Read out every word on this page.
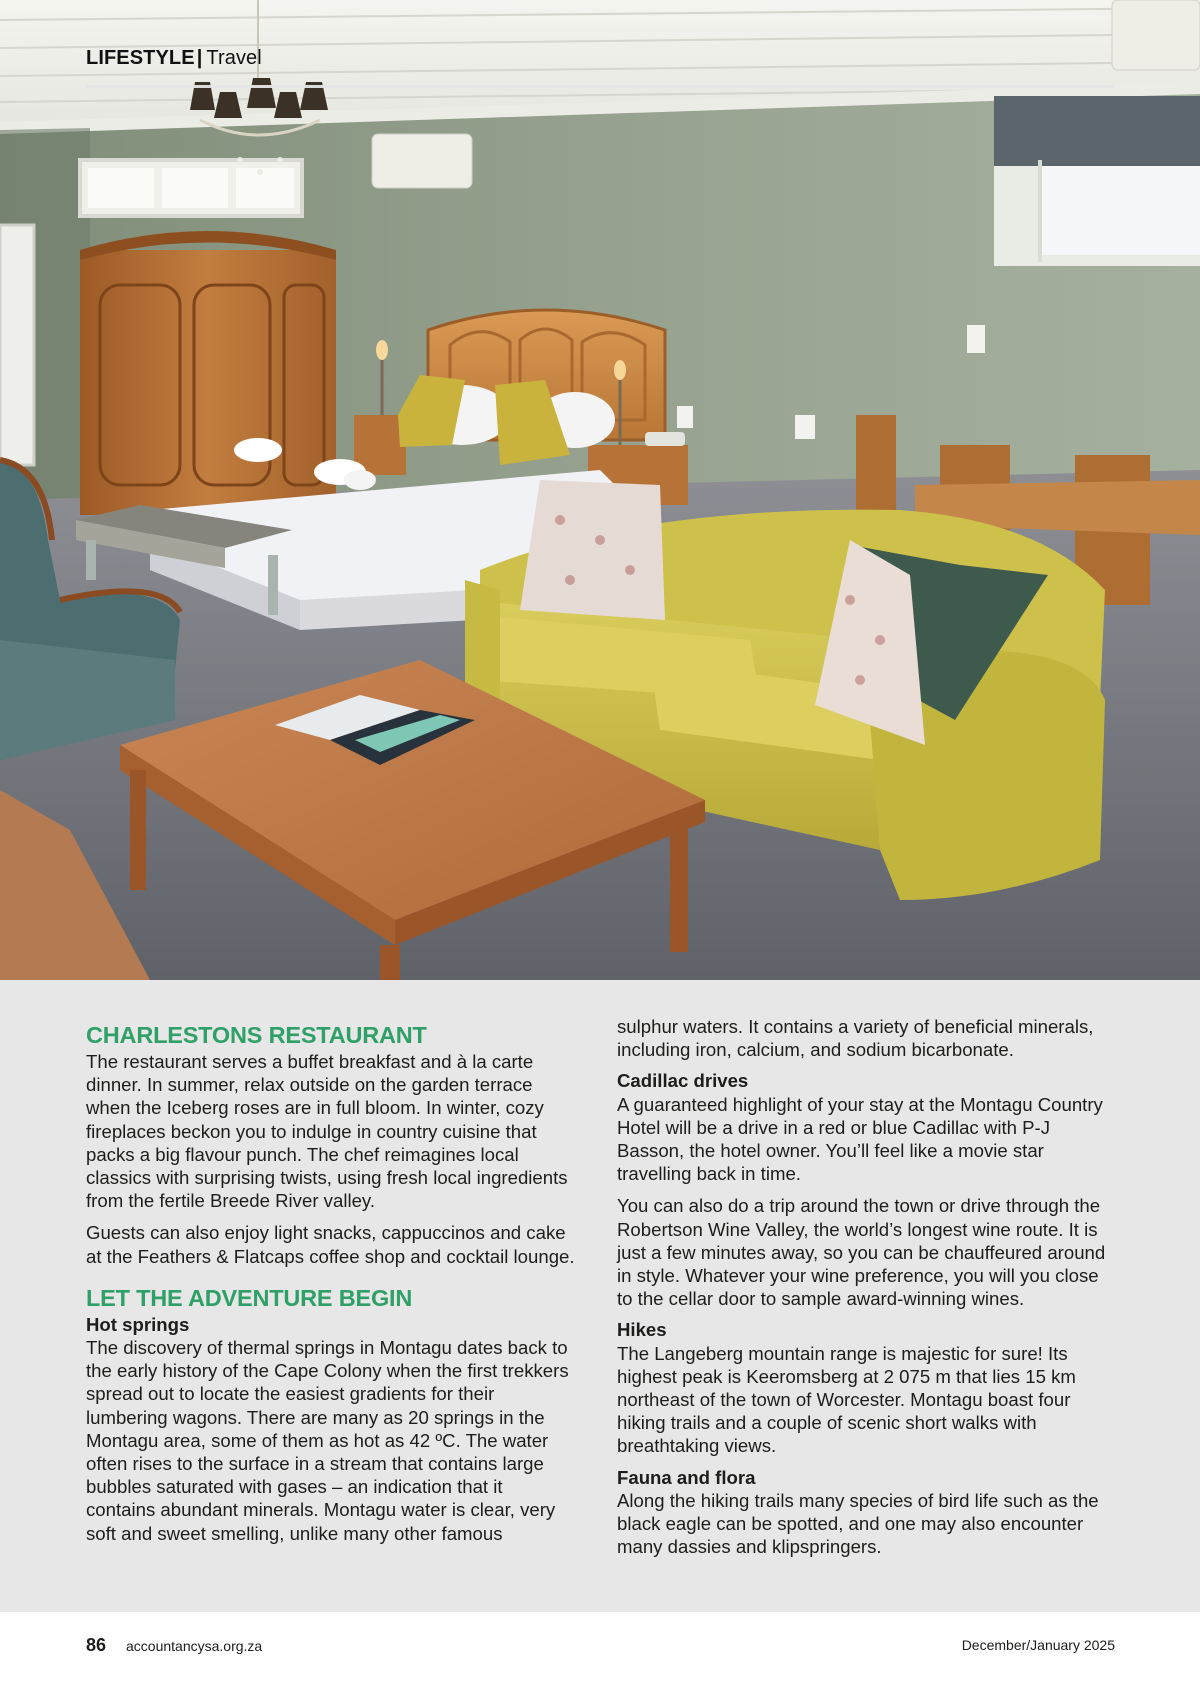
LIFESTYLE | Travel
CHARLESTONS RESTAURANT

The restaurant serves a buffet breakfast and à la carte dinner. In summer, relax outside on the garden terrace when the Iceberg roses are in full bloom. In winter, cozy fireplaces beckon you to indulge in country cuisine that packs a big flavour punch. The chef reimagines local classics with surprising twists, using fresh local ingredients from the fertile Breede River valley.

Guests can also enjoy light snacks, cappuccinos and cake at the Feathers & Flatcaps coffee shop and cocktail lounge.

LET THE ADVENTURE BEGIN
Hot springs

The discovery of thermal springs in Montagu dates back to the early history of the Cape Colony when the first trekkers spread out to locate the easiest gradients for their lumbering wagons. There are many as 20 springs in the Montagu area, some of them as hot as 42 ºC. The water often rises to the surface in a stream that contains large bubbles saturated with gases – an indication that it contains abundant minerals. Montagu water is clear, very soft and sweet smelling, unlike many other famous

sulphur waters. It contains a variety of beneficial minerals, including iron, calcium, and sodium bicarbonate.

Cadillac drives

A guaranteed highlight of your stay at the Montagu Country Hotel will be a drive in a red or blue Cadillac with P-J Basson, the hotel owner. You’ll feel like a movie star travelling back in time.

You can also do a trip around the town or drive through the Robertson Wine Valley, the world’s longest wine route. It is just a few minutes away, so you can be chauffeured around in style. Whatever your wine preference, you will you close to the cellar door to sample award-winning wines.

Hikes

The Langeberg mountain range is majestic for sure! Its highest peak is Keeromsberg at 2 075 m that lies 15 km northeast of the town of Worcester. Montagu boast four hiking trails and a couple of scenic short walks with breathtaking views.

Fauna and flora

Along the hiking trails many species of bird life such as the black eagle can be spotted, and one may also encounter many dassies and klipspringers.

86 accountancysa.org.za	December/January 2025
